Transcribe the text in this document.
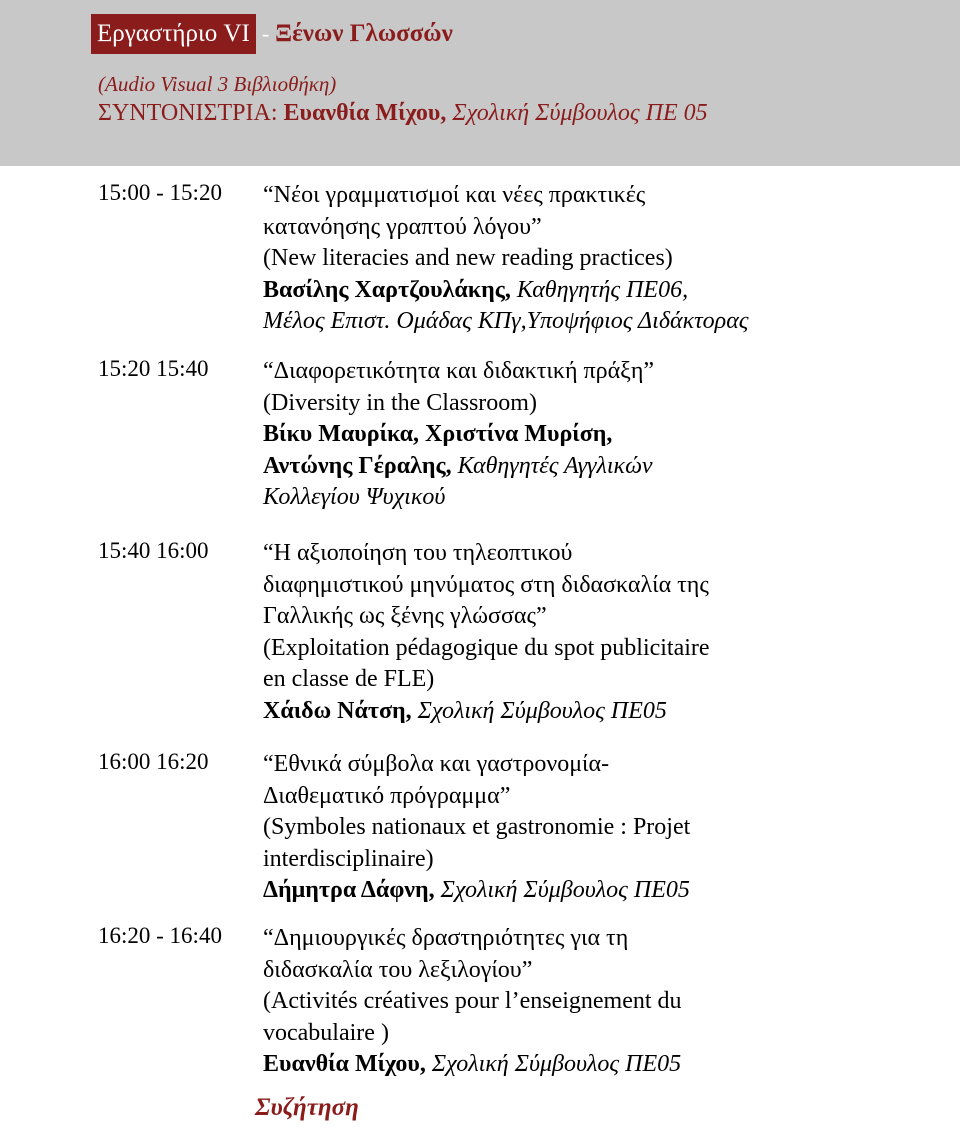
Εργαστήριο VI - Ξένων Γλωσσών
(Audio Visual 3 Βιβλιοθήκη)
ΣΥΝΤΟΝΙΣΤΡΙΑ: Ευανθία Μίχου, Σχολική Σύμβουλος ΠΕ 05
15:00 - 15:20 “Νέοι γραμματισμοί και νέες πρακτικές
κατανόησης γραπτού λόγου”
(New literacies and new reading practices)
Βασίλης Χαρτζουλάκης, Καθηγητής ΠΕ06,
Μέλος Επιστ. Ομάδας ΚΠγ,Υποψήφιος Διδάκτορας
15:20 15:40 “Διαφορετικότητα και διδακτική πράξη”
(Diversity in the Classroom)
Βίκυ Μαυρίκα, Χριστίνα Μυρίση,
Αντώνης Γέραλης, Καθηγητές Αγγλικών
Κολλεγίου Ψυχικού
15:40 16:00 “Η αξιοποίηση του τηλεοπτικού
διαφημιστικού μηνύματος στη διδασκαλία της
Γαλλικής ως ξένης γλώσσας”
(Exploitation pédagogique du spot publicitaire
en classe de FLE)
Χάιδω Νάτση, Σχολική Σύμβουλος ΠΕ05
16:00 16:20 “Εθνικά σύμβολα και γαστρονομία-
Διαθεματικό πρόγραμμα”
(Symboles nationaux et gastronomie : Projet
interdisciplinaire)
Δήμητρα Δάφνη, Σχολική Σύμβουλος ΠΕ05
16:20 - 16:40 “Δημιουργικές δραστηριότητες για τη
διδασκαλία του λεξιλογίου”
(Activités créatives pour l’enseignement du
vocabulaire )
Ευανθία Μίχου, Σχολική Σύμβουλος ΠΕ05
Συζήτηση
